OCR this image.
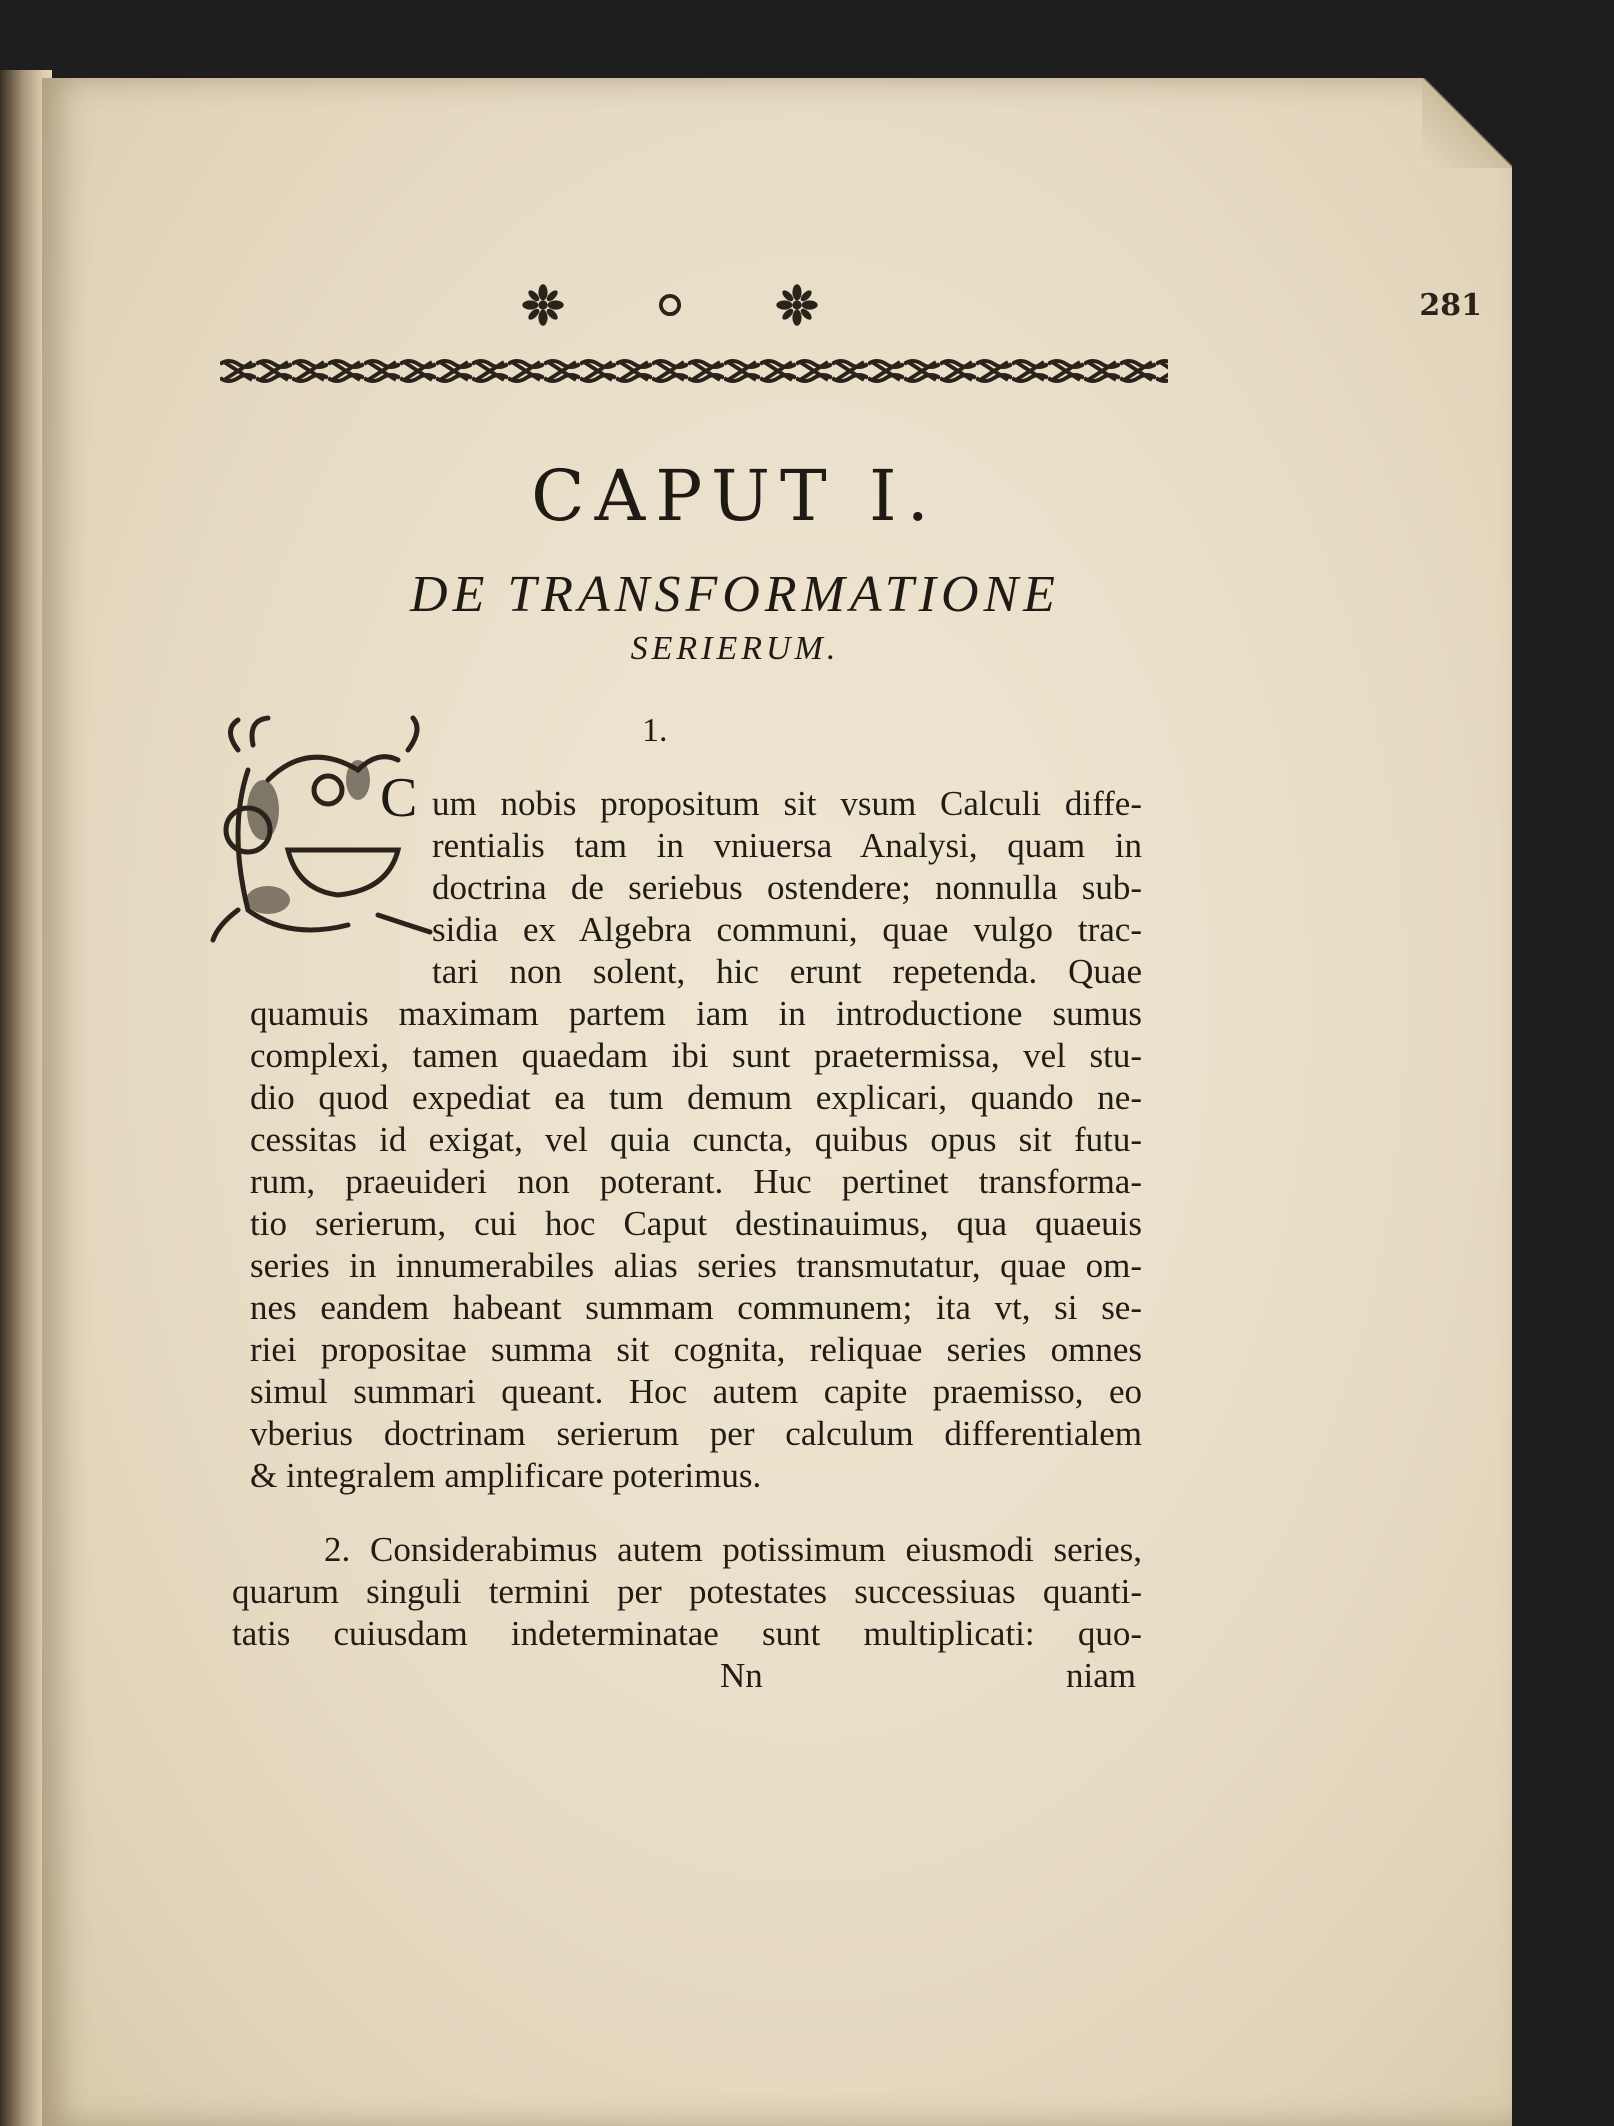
281
CAPUT I.
DE TRANSFORMATIONE
SERIERUM.
1.
C um nobis propositum sit vsum Calculi diffe-
rentialis tam in vniuersa Analysi, quam in
doctrina de seriebus ostendere; nonnulla sub-
sidia ex Algebra communi, quae vulgo trac-
tari non solent, hic erunt repetenda. Quae
quamuis maximam partem iam in introductione sumus
complexi, tamen quaedam ibi sunt praetermissa, vel stu-
dio quod expediat ea tum demum explicari, quando ne-
cessitas id exigat, vel quia cuncta, quibus opus sit futu-
rum, praeuideri non poterant. Huc pertinet transforma-
tio serierum, cui hoc Caput destinauimus, qua quaeuis
series in innumerabiles alias series transmutatur, quae om-
nes eandem habeant summam communem; ita vt, si se-
riei propositae summa sit cognita, reliquae series omnes
simul summari queant. Hoc autem capite praemisso, eo
vberius doctrinam serierum per calculum differentialem
& integralem amplificare poterimus.
2. Considerabimus autem potissimum eiusmodi series,
quarum singuli termini per potestates successiuas quanti-
tatis cuiusdam indeterminatae sunt multiplicati: quo-
Nn	niam
